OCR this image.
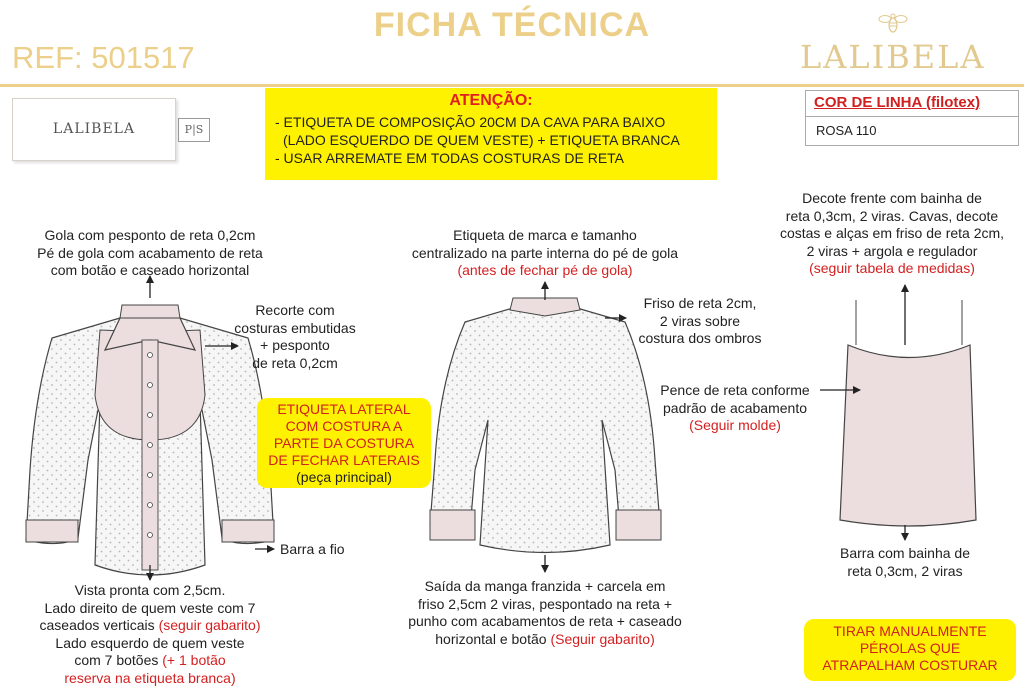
FICHA TÉCNICA
REF: 501517	LALIBELA
LALIBELA	P|S
ATENÇÃO:
- ETIQUETA DE COMPOSIÇÃO 20CM DA CAVA PARA BAIXO
(LADO ESQUERDO DE QUEM VESTE) + ETIQUETA BRANCA
- USAR ARREMATE EM TODAS COSTURAS DE RETA
COR DE LINHA (filotex)
ROSA 110
Gola com pesponto de reta 0,2cm
Pé de gola com acabamento de reta
com botão e caseado horizontal
Recorte com
costuras embutidas
+ pesponto
de reta 0,2cm
ETIQUETA LATERAL
COM COSTURA A
PARTE DA COSTURA
DE FECHAR LATERAIS
(peça principal)
Barra a fio
Vista pronta com 2,5cm.
Lado direito de quem veste com 7
caseados verticais (seguir gabarito)
Lado esquerdo de quem veste
com 7 botões (+ 1 botão
reserva na etiqueta branca)
Etiqueta de marca e tamanho
centralizado na parte interna do pé de gola
(antes de fechar pé de gola)
Friso de reta 2cm,
2 viras sobre
costura dos ombros
Saída da manga franzida + carcela em
friso 2,5cm 2 viras, pespontado na reta +
punho com acabamentos de reta + caseado
horizontal e botão (Seguir gabarito)
Decote frente com bainha de
reta 0,3cm, 2 viras. Cavas, decote
costas e alças em friso de reta 2cm,
2 viras + argola e regulador
(seguir tabela de medidas)
Pence de reta conforme
padrão de acabamento
(Seguir molde)
Barra com bainha de
reta 0,3cm, 2 viras
TIRAR MANUALMENTE
PÉROLAS QUE
ATRAPALHAM COSTURAR
